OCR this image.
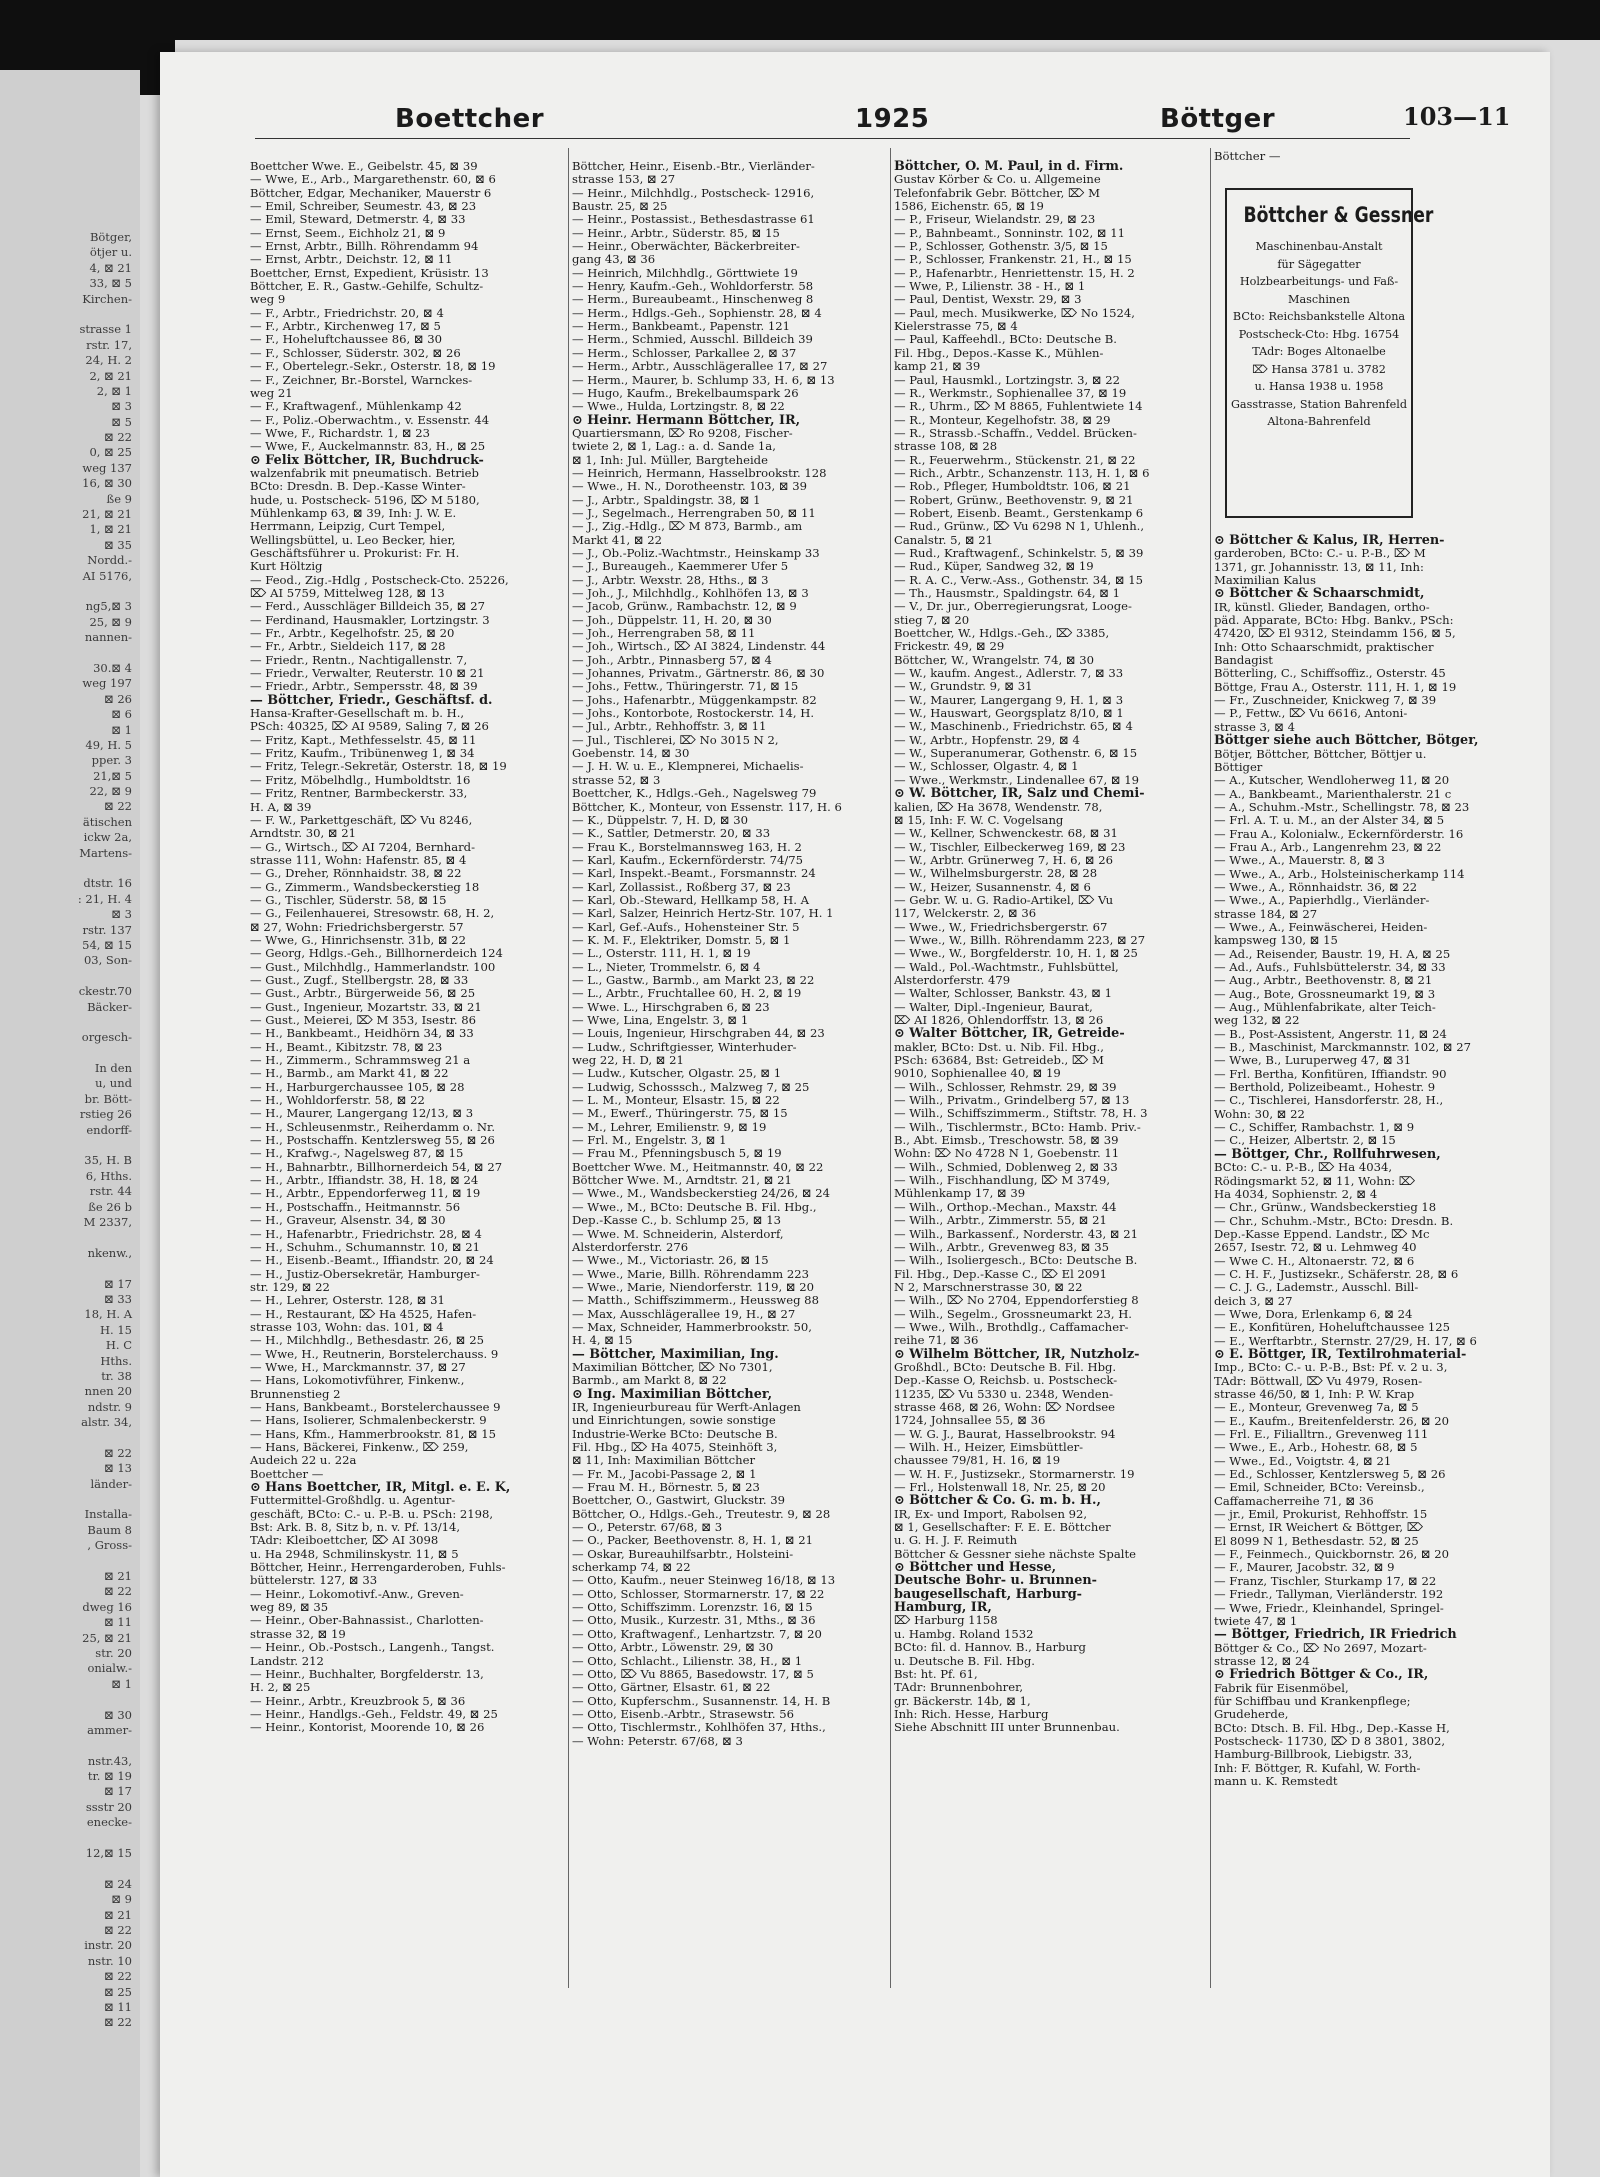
Bötger,
ötjer u.
4, ⊠ 21
33, ⊠ 5
Kirchen-
strasse 1
rstr. 17,
24, H. 2
2, ⊠ 21
2, ⊠ 1
⊠ 3
⊠ 5
⊠ 22
0, ⊠ 25
weg 137
16, ⊠ 30
ße 9
21, ⊠ 21
1, ⊠ 21
⊠ 35
Nordd.-
AI 5176,
ng5,⊠ 3
25, ⊠ 9
nannen-
30.⊠ 4
weg 197
⊠ 26
⊠ 6
⊠ 1
49, H. 5
pper. 3
21,⊠ 5
22, ⊠ 9
⊠ 22
ätischen
ickw 2a,
Martens-
dtstr. 16
: 21, H. 4
⊠ 3
rstr. 137
54, ⊠ 15
03, Son-
ckestr.70
Bäcker-
orgesch-
In den
u, und
br. Bött-
rstieg 26
endorff-
35, H. B
6, Hths.
rstr. 44
ße 26 b
M 2337,
nkenw.,
⊠ 17
⊠ 33
18, H. A
H. 15
H. C
Hths.
tr. 38
nnen 20
ndstr. 9
alstr. 34,
⊠ 22
⊠ 13
länder-
Installa-
Baum 8
, Gross-
⊠ 21
⊠ 22
dweg 16
⊠ 11
25, ⊠ 21
str. 20
onialw.-
⊠ 1
⊠ 30
ammer-
nstr.43,
tr. ⊠ 19
⊠ 17
ssstr 20
enecke-
12,⊠ 15
⊠ 24
⊠ 9
⊠ 21
⊠ 22
instr. 20
nstr. 10
⊠ 22
⊠ 25
⊠ 11
⊠ 22
Boettcher	1925	Böttger	103—11
Boettcher Wwe. E., Geibelstr. 45, ⊠ 39
— Wwe, E., Arb., Margarethenstr. 60, ⊠ 6
Böttcher, Edgar, Mechaniker, Mauerstr 6
— Emil, Schreiber, Seumestr. 43, ⊠ 23
— Emil, Steward, Detmerstr. 4, ⊠ 33
— Ernst, Seem., Eichholz 21, ⊠ 9
— Ernst, Arbtr., Billh. Röhrendamm 94
— Ernst, Arbtr., Deichstr. 12, ⊠ 11
Boettcher, Ernst, Expedient, Krüsistr. 13
Böttcher, E. R., Gastw.-Gehilfe, Schultz-
weg 9
— F., Arbtr., Friedrichstr. 20, ⊠ 4
— F., Arbtr., Kirchenweg 17, ⊠ 5
— F., Hoheluftchaussee 86, ⊠ 30
— F., Schlosser, Süderstr. 302, ⊠ 26
— F., Obertelegr.-Sekr., Osterstr. 18, ⊠ 19
— F., Zeichner, Br.-Borstel, Warnckes-
weg 21
— F., Kraftwagenf., Mühlenkamp 42
— F., Poliz.-Oberwachtm., v. Essenstr. 44
— Wwe, F., Richardstr. 1, ⊠ 23
— Wwe, F., Auckelmannstr. 83, H., ⊠ 25
⊙ Felix Böttcher, IR, Buchdruck-
walzenfabrik mit pneumatisch. Betrieb
BCto: Dresdn. B. Dep.-Kasse Winter-
hude, u. Postscheck- 5196, ⌦ M 5180,
Mühlenkamp 63, ⊠ 39, Inh: J. W. E.
Herrmann, Leipzig, Curt Tempel,
Wellingsbüttel, u. Leo Becker, hier,
Geschäftsführer u. Prokurist: Fr. H.
Kurt Höltzig
— Feod., Zig.-Hdlg , Postscheck-Cto. 25226,
⌦ AI 5759, Mittelweg 128, ⊠ 13
— Ferd., Ausschläger Billdeich 35, ⊠ 27
— Ferdinand, Hausmakler, Lortzingstr. 3
— Fr., Arbtr., Kegelhofstr. 25, ⊠ 20
— Fr., Arbtr., Sieldeich 117, ⊠ 28
— Friedr., Rentn., Nachtigallenstr. 7,
— Friedr., Verwalter, Reuterstr. 10 ⊠ 21
— Friedr., Arbtr., Sempersstr. 48, ⊠ 39
— Böttcher, Friedr., Geschäftsf. d.
Hansa-Krafter-Gesellschaft m. b. H.,
PSch: 40325, ⌦ AI 9589, Saling 7, ⊠ 26
— Fritz, Kapt., Methfesselstr. 45, ⊠ 11
— Fritz, Kaufm., Tribünenweg 1, ⊠ 34
— Fritz, Telegr.-Sekretär, Osterstr. 18, ⊠ 19
— Fritz, Möbelhdlg., Humboldtstr. 16
— Fritz, Rentner, Barmbeckerstr. 33,
H. A, ⊠ 39
— F. W., Parkettgeschäft, ⌦ Vu 8246,
Arndtstr. 30, ⊠ 21
— G., Wirtsch., ⌦ AI 7204, Bernhard-
strasse 111, Wohn: Hafenstr. 85, ⊠ 4
— G., Dreher, Rönnhaidstr. 38, ⊠ 22
— G., Zimmerm., Wandsbeckerstieg 18
— G., Tischler, Süderstr. 58, ⊠ 15
— G., Feilenhauerei, Stresowstr. 68, H. 2,
⊠ 27, Wohn: Friedrichsbergerstr. 57
— Wwe, G., Hinrichsenstr. 31b, ⊠ 22
— Georg, Hdlgs.-Geh., Billhornerdeich 124
— Gust., Milchhdlg., Hammerlandstr. 100
— Gust., Zugf., Stellbergstr. 28, ⊠ 33
— Gust., Arbtr., Bürgerweide 56, ⊠ 25
— Gust., Ingenieur, Mozartstr. 33, ⊠ 21
— Gust., Meierei, ⌦ M 353, Isestr. 86
— H., Bankbeamt., Heidhörn 34, ⊠ 33
— H., Beamt., Kibitzstr. 78, ⊠ 23
— H., Zimmerm., Schrammsweg 21 a
— H., Barmb., am Markt 41, ⊠ 22
— H., Harburgerchaussee 105, ⊠ 28
— H., Wohldorferstr. 58, ⊠ 22
— H., Maurer, Langergang 12/13, ⊠ 3
— H., Schleusenmstr., Reiherdamm o. Nr.
— H., Postschaffn. Kentzlersweg 55, ⊠ 26
— H., Krafwg.-, Nagelsweg 87, ⊠ 15
— H., Bahnarbtr., Billhornerdeich 54, ⊠ 27
— H., Arbtr., Iffiandstr. 38, H. 18, ⊠ 24
— H., Arbtr., Eppendorferweg 11, ⊠ 19
— H., Postschaffn., Heitmannstr. 56
— H., Graveur, Alsenstr. 34, ⊠ 30
— H., Hafenarbtr., Friedrichstr. 28, ⊠ 4
— H., Schuhm., Schumannstr. 10, ⊠ 21
— H., Eisenb.-Beamt., Iffiandstr. 20, ⊠ 24
— H., Justiz-Obersekretär, Hamburger-
str. 129, ⊠ 22
— H., Lehrer, Osterstr. 128, ⊠ 31
— H., Restaurant, ⌦ Ha 4525, Hafen-
strasse 103, Wohn: das. 101, ⊠ 4
— H., Milchhdlg., Bethesdastr. 26, ⊠ 25
— Wwe, H., Reutnerin, Borstelerchauss. 9
— Wwe, H., Marckmannstr. 37, ⊠ 27
— Hans, Lokomotivführer, Finkenw.,
Brunnenstieg 2
— Hans, Bankbeamt., Borstelerchaussee 9
— Hans, Isolierer, Schmalenbeckerstr. 9
— Hans, Kfm., Hammerbrookstr. 81, ⊠ 15
— Hans, Bäckerei, Finkenw., ⌦ 259,
Audeich 22 u. 22a
Boettcher —
⊙ Hans Boettcher, IR, Mitgl. e. E. K,
Futtermittel-Großhdlg. u. Agentur-
geschäft, BCto: C.- u. P.-B. u. PSch: 2198,
Bst: Ark. B. 8, Sitz b, n. v. Pf. 13/14,
TAdr: Kleiboettcher, ⌦ AI 3098
u. Ha 2948, Schmilinskystr. 11, ⊠ 5
Böttcher, Heinr., Herrengarderoben, Fuhls-
büttelerstr. 127, ⊠ 33
— Heinr., Lokomotivf.-Anw., Greven-
weg 89, ⊠ 35
— Heinr., Ober-Bahnassist., Charlotten-
strasse 32, ⊠ 19
— Heinr., Ob.-Postsch., Langenh., Tangst.
Landstr. 212
— Heinr., Buchhalter, Borgfelderstr. 13,
H. 2, ⊠ 25
— Heinr., Arbtr., Kreuzbrook 5, ⊠ 36
— Heinr., Handlgs.-Geh., Feldstr. 49, ⊠ 25
— Heinr., Kontorist, Moorende 10, ⊠ 26
Böttcher, Heinr., Eisenb.-Btr., Vierländer-
strasse 153, ⊠ 27
— Heinr., Milchhdlg., Postscheck- 12916,
Baustr. 25, ⊠ 25
— Heinr., Postassist., Bethesdastrasse 61
— Heinr., Arbtr., Süderstr. 85, ⊠ 15
— Heinr., Oberwächter, Bäckerbreiter-
gang 43, ⊠ 36
— Heinrich, Milchhdlg., Görttwiete 19
— Henry, Kaufm.-Geh., Wohldorferstr. 58
— Herm., Bureaubeamt., Hinschenweg 8
— Herm., Hdlgs.-Geh., Sophienstr. 28, ⊠ 4
— Herm., Bankbeamt., Papenstr. 121
— Herm., Schmied, Ausschl. Billdeich 39
— Herm., Schlosser, Parkallee 2, ⊠ 37
— Herm., Arbtr., Ausschlägerallee 17, ⊠ 27
— Herm., Maurer, b. Schlump 33, H. 6, ⊠ 13
— Hugo, Kaufm., Brekelbaumspark 26
— Wwe., Hulda, Lortzingstr. 8, ⊠ 22
⊙ Heinr. Hermann Böttcher, IR,
Quartiersmann, ⌦ Ro 9208, Fischer-
twiete 2, ⊠ 1, Lag.: a. d. Sande 1a,
⊠ 1, Inh: Jul. Müller, Bargteheide
— Heinrich, Hermann, Hasselbrookstr. 128
— Wwe., H. N., Dorotheenstr. 103, ⊠ 39
— J., Arbtr., Spaldingstr. 38, ⊠ 1
— J., Segelmach., Herrengraben 50, ⊠ 11
— J., Zig.-Hdlg., ⌦ M 873, Barmb., am
Markt 41, ⊠ 22
— J., Ob.-Poliz.-Wachtmstr., Heinskamp 33
— J., Bureaugeh., Kaemmerer Ufer 5
— J., Arbtr. Wexstr. 28, Hths., ⊠ 3
— Joh., J., Milchhdlg., Kohlhöfen 13, ⊠ 3
— Jacob, Grünw., Rambachstr. 12, ⊠ 9
— Joh., Düppelstr. 11, H. 20, ⊠ 30
— Joh., Herrengraben 58, ⊠ 11
— Joh., Wirtsch., ⌦ AI 3824, Lindenstr. 44
— Joh., Arbtr., Pinnasberg 57, ⊠ 4
— Johannes, Privatm., Gärtnerstr. 86, ⊠ 30
— Johs., Fettw., Thüringerstr. 71, ⊠ 15
— Johs., Hafenarbtr., Müggenkampstr. 82
— Johs., Kontorbote, Rostockerstr. 14, H.
— Jul., Arbtr., Rehhoffstr. 3, ⊠ 11
— Jul., Tischlerei, ⌦ No 3015 N 2,
Goebenstr. 14, ⊠ 30
— J. H. W. u. E., Klempnerei, Michaelis-
strasse 52, ⊠ 3
Boettcher, K., Hdlgs.-Geh., Nagelsweg 79
Böttcher, K., Monteur, von Essenstr. 117, H. 6
— K., Düppelstr. 7, H. D, ⊠ 30
— K., Sattler, Detmerstr. 20, ⊠ 33
— Frau K., Borstelmannsweg 163, H. 2
— Karl, Kaufm., Eckernförderstr. 74/75
— Karl, Inspekt.-Beamt., Forsmannstr. 24
— Karl, Zollassist., Roßberg 37, ⊠ 23
— Karl, Ob.-Steward, Hellkamp 58, H. A
— Karl, Salzer, Heinrich Hertz-Str. 107, H. 1
— Karl, Gef.-Aufs., Hohensteiner Str. 5
— K. M. F., Elektriker, Domstr. 5, ⊠ 1
— L., Osterstr. 111, H. 1, ⊠ 19
— L., Nieter, Trommelstr. 6, ⊠ 4
— L., Gastw., Barmb., am Markt 23, ⊠ 22
— L., Arbtr., Fruchtallee 60, H. 2, ⊠ 19
— Wwe. L., Hirschgraben 6, ⊠ 23
— Wwe, Lina, Engelstr. 3, ⊠ 1
— Louis, Ingenieur, Hirschgraben 44, ⊠ 23
— Ludw., Schriftgiesser, Winterhuder-
weg 22, H. D, ⊠ 21
— Ludw., Kutscher, Olgastr. 25, ⊠ 1
— Ludwig, Schosssch., Malzweg 7, ⊠ 25
— L. M., Monteur, Elsastr. 15, ⊠ 22
— M., Ewerf., Thüringerstr. 75, ⊠ 15
— M., Lehrer, Emilienstr. 9, ⊠ 19
— Frl. M., Engelstr. 3, ⊠ 1
— Frau M., Pfenningsbusch 5, ⊠ 19
Boettcher Wwe. M., Heitmannstr. 40, ⊠ 22
Böttcher Wwe. M., Arndtstr. 21, ⊠ 21
— Wwe., M., Wandsbeckerstieg 24/26, ⊠ 24
— Wwe., M., BCto: Deutsche B. Fil. Hbg.,
Dep.-Kasse C., b. Schlump 25, ⊠ 13
— Wwe. M. Schneiderin, Alsterdorf,
Alsterdorferstr. 276
— Wwe., M., Victoriastr. 26, ⊠ 15
— Wwe., Marie, Billh. Röhrendamm 223
— Wwe., Marie, Niendorferstr. 119, ⊠ 20
— Matth., Schiffszimmerm., Heussweg 88
— Max, Ausschlägerallee 19, H., ⊠ 27
— Max, Schneider, Hammerbrookstr. 50,
H. 4, ⊠ 15
— Böttcher, Maximilian, Ing.
Maximilian Böttcher, ⌦ No 7301,
Barmb., am Markt 8, ⊠ 22
⊙ Ing. Maximilian Böttcher,
IR, Ingenieurbureau für Werft-Anlagen
und Einrichtungen, sowie sonstige
Industrie-Werke BCto: Deutsche B.
Fil. Hbg., ⌦ Ha 4075, Steinhöft 3,
⊠ 11, Inh: Maximilian Böttcher
— Fr. M., Jacobi-Passage 2, ⊠ 1
— Frau M. H., Börnestr. 5, ⊠ 23
Boettcher, O., Gastwirt, Gluckstr. 39
Böttcher, O., Hdlgs.-Geh., Treutestr. 9, ⊠ 28
— O., Peterstr. 67/68, ⊠ 3
— O., Packer, Beethovenstr. 8, H. 1, ⊠ 21
— Oskar, Bureauhilfsarbtr., Holsteini-
scherkamp 74, ⊠ 22
— Otto, Kaufm., neuer Steinweg 16/18, ⊠ 13
— Otto, Schlosser, Stormarnerstr. 17, ⊠ 22
— Otto, Schiffszimm. Lorenzstr. 16, ⊠ 15
— Otto, Musik., Kurzestr. 31, Mths., ⊠ 36
— Otto, Kraftwagenf., Lenhartzstr. 7, ⊠ 20
— Otto, Arbtr., Löwenstr. 29, ⊠ 30
— Otto, Schlacht., Lilienstr. 38, H., ⊠ 1
— Otto, ⌦ Vu 8865, Basedowstr. 17, ⊠ 5
— Otto, Gärtner, Elsastr. 61, ⊠ 22
— Otto, Kupferschm., Susannenstr. 14, H. B
— Otto, Eisenb.-Arbtr., Strasewstr. 56
— Otto, Tischlermstr., Kohlhöfen 37, Hths.,
— Wohn: Peterstr. 67/68, ⊠ 3
Böttcher, O. M. Paul, in d. Firm.
Gustav Körber & Co. u. Allgemeine
Telefonfabrik Gebr. Böttcher, ⌦ M
1586, Eichenstr. 65, ⊠ 19
— P., Friseur, Wielandstr. 29, ⊠ 23
— P., Bahnbeamt., Sonninstr. 102, ⊠ 11
— P., Schlosser, Gothenstr. 3/5, ⊠ 15
— P., Schlosser, Frankenstr. 21, H., ⊠ 15
— P., Hafenarbtr., Henriettenstr. 15, H. 2
— Wwe, P., Lilienstr. 38 - H., ⊠ 1
— Paul, Dentist, Wexstr. 29, ⊠ 3
— Paul, mech. Musikwerke, ⌦ No 1524,
Kielerstrasse 75, ⊠ 4
— Paul, Kaffeehdl., BCto: Deutsche B.
Fil. Hbg., Depos.-Kasse K., Mühlen-
kamp 21, ⊠ 39
— Paul, Hausmkl., Lortzingstr. 3, ⊠ 22
— R., Werkmstr., Sophienallee 37, ⊠ 19
— R., Uhrm., ⌦ M 8865, Fuhlentwiete 14
— R., Monteur, Kegelhofstr. 38, ⊠ 29
— R., Strassb.-Schaffn., Veddel. Brücken-
strasse 108, ⊠ 28
— R., Feuerwehrm., Stückenstr. 21, ⊠ 22
— Rich., Arbtr., Schanzenstr. 113, H. 1, ⊠ 6
— Rob., Pfleger, Humboldtstr. 106, ⊠ 21
— Robert, Grünw., Beethovenstr. 9, ⊠ 21
— Robert, Eisenb. Beamt., Gerstenkamp 6
— Rud., Grünw., ⌦ Vu 6298 N 1, Uhlenh.,
Canalstr. 5, ⊠ 21
— Rud., Kraftwagenf., Schinkelstr. 5, ⊠ 39
— Rud., Küper, Sandweg 32, ⊠ 19
— R. A. C., Verw.-Ass., Gothenstr. 34, ⊠ 15
— Th., Hausmstr., Spaldingstr. 64, ⊠ 1
— V., Dr. jur., Oberregierungsrat, Looge-
stieg 7, ⊠ 20
Boettcher, W., Hdlgs.-Geh., ⌦ 3385,
Frickestr. 49, ⊠ 29
Böttcher, W., Wrangelstr. 74, ⊠ 30
— W., kaufm. Angest., Adlerstr. 7, ⊠ 33
— W., Grundstr. 9, ⊠ 31
— W., Maurer, Langergang 9, H. 1, ⊠ 3
— W., Hauswart, Georgsplatz 8/10, ⊠ 1
— W., Maschinenb., Friedrichstr. 65, ⊠ 4
— W., Arbtr., Hopfenstr. 29, ⊠ 4
— W., Superanumerar, Gothenstr. 6, ⊠ 15
— W., Schlosser, Olgastr. 4, ⊠ 1
— Wwe., Werkmstr., Lindenallee 67, ⊠ 19
⊙ W. Böttcher, IR, Salz und Chemi-
kalien, ⌦ Ha 3678, Wendenstr. 78,
⊠ 15, Inh: F. W. C. Vogelsang
— W., Kellner, Schwenckestr. 68, ⊠ 31
— W., Tischler, Eilbeckerweg 169, ⊠ 23
— W., Arbtr. Grünerweg 7, H. 6, ⊠ 26
— W., Wilhelmsburgerstr. 28, ⊠ 28
— W., Heizer, Susannenstr. 4, ⊠ 6
— Gebr. W. u. G. Radio-Artikel, ⌦ Vu
117, Welckerstr. 2, ⊠ 36
— Wwe., W., Friedrichsbergerstr. 67
— Wwe., W., Billh. Röhrendamm 223, ⊠ 27
— Wwe., W., Borgfelderstr. 10, H. 1, ⊠ 25
— Wald., Pol.-Wachtmstr., Fuhlsbüttel,
Alsterdorferstr. 479
— Walter, Schlosser, Bankstr. 43, ⊠ 1
— Walter, Dipl.-Ingenieur, Baurat,
⌦ AI 1826, Ohlendorffstr. 13, ⊠ 26
⊙ Walter Böttcher, IR, Getreide-
makler, BCto: Dst. u. Nib. Fil. Hbg.,
PSch: 63684, Bst: Getreideb., ⌦ M
9010, Sophienallee 40, ⊠ 19
— Wilh., Schlosser, Rehmstr. 29, ⊠ 39
— Wilh., Privatm., Grindelberg 57, ⊠ 13
— Wilh., Schiffszimmerm., Stiftstr. 78, H. 3
— Wilh., Tischlermstr., BCto: Hamb. Priv.-
B., Abt. Eimsb., Treschowstr. 58, ⊠ 39
Wohn: ⌦ No 4728 N 1, Goebenstr. 11
— Wilh., Schmied, Doblenweg 2, ⊠ 33
— Wilh., Fischhandlung, ⌦ M 3749,
Mühlenkamp 17, ⊠ 39
— Wilh., Orthop.-Mechan., Maxstr. 44
— Wilh., Arbtr., Zimmerstr. 55, ⊠ 21
— Wilh., Barkassenf., Norderstr. 43, ⊠ 21
— Wilh., Arbtr., Grevenweg 83, ⊠ 35
— Wilh., Isoliergesch., BCto: Deutsche B.
Fil. Hbg., Dep.-Kasse C., ⌦ El 2091
N 2, Marschnerstrasse 30, ⊠ 22
— Wilh., ⌦ No 2704, Eppendorferstieg 8
— Wilh., Segelm., Grossneumarkt 23, H.
— Wwe., Wilh., Brothdlg., Caffamacher-
reihe 71, ⊠ 36
⊙ Wilhelm Böttcher, IR, Nutzholz-
Großhdl., BCto: Deutsche B. Fil. Hbg.
Dep.-Kasse O, Reichsb. u. Postscheck-
11235, ⌦ Vu 5330 u. 2348, Wenden-
strasse 468, ⊠ 26, Wohn: ⌦ Nordsee
1724, Johnsallee 55, ⊠ 36
— W. G. J., Baurat, Hasselbrookstr. 94
— Wilh. H., Heizer, Eimsbüttler-
chaussee 79/81, H. 16, ⊠ 19
— W. H. F., Justizsekr., Stormarnerstr. 19
— Frl., Holstenwall 18, Nr. 25, ⊠ 20
⊙ Böttcher & Co. G. m. b. H.,
IR, Ex- und Import, Rabolsen 92,
⊠ 1, Gesellschafter: F. E. E. Böttcher
u. G. H. J. F. Reimuth
Böttcher & Gessner siehe nächste Spalte
⊙ Böttcher und Hesse,
Deutsche Bohr- u. Brunnen-
baugesellschaft, Harburg-
Hamburg, IR,
⌦ Harburg 1158
u. Hambg. Roland 1532
BCto: fil. d. Hannov. B., Harburg
u. Deutsche B. Fil. Hbg.
Bst: ht. Pf. 61,
TAdr: Brunnenbohrer,
gr. Bäckerstr. 14b, ⊠ 1,
Inh: Rich. Hesse, Harburg
Siehe Abschnitt III unter Brunnenbau.
Böttcher —
Böttcher & Gessner
Maschinenbau-Anstalt
für Sägegatter
Holzbearbeitungs- und Faß-
Maschinen
BCto: Reichsbankstelle Altona
Postscheck-Cto: Hbg. 16754
TAdr: Boges Altonaelbe
⌦ Hansa 3781 u. 3782
u. Hansa 1938 u. 1958
Gasstrasse, Station Bahrenfeld
Altona-Bahrenfeld
⊙ Böttcher & Kalus, IR, Herren-
garderoben, BCto: C.- u. P.-B., ⌦ M
1371, gr. Johannisstr. 13, ⊠ 11, Inh:
Maximilian Kalus
⊙ Böttcher & Schaarschmidt,
IR, künstl. Glieder, Bandagen, ortho-
päd. Apparate, BCto: Hbg. Bankv., PSch:
47420, ⌦ El 9312, Steindamm 156, ⊠ 5,
Inh: Otto Schaarschmidt, praktischer
Bandagist
Bötterling, C., Schiffsoffiz., Osterstr. 45
Böttge, Frau A., Osterstr. 111, H. 1, ⊠ 19
— Fr., Zuschneider, Knickweg 7, ⊠ 39
— P., Fettw., ⌦ Vu 6616, Antoni-
strasse 3, ⊠ 4
Böttger siehe auch Böttcher, Bötger,
Bötjer, Böttcher, Böttcher, Böttjer u.
Böttiger
— A., Kutscher, Wendloherweg 11, ⊠ 20
— A., Bankbeamt., Marienthalerstr. 21 c
— A., Schuhm.-Mstr., Schellingstr. 78, ⊠ 23
— Frl. A. T. u. M., an der Alster 34, ⊠ 5
— Frau A., Kolonialw., Eckernförderstr. 16
— Frau A., Arb., Langenrehm 23, ⊠ 22
— Wwe., A., Mauerstr. 8, ⊠ 3
— Wwe., A., Arb., Holsteinischerkamp 114
— Wwe., A., Rönnhaidstr. 36, ⊠ 22
— Wwe., A., Papierhdlg., Vierländer-
strasse 184, ⊠ 27
— Wwe., A., Feinwäscherei, Heiden-
kampsweg 130, ⊠ 15
— Ad., Reisender, Baustr. 19, H. A, ⊠ 25
— Ad., Aufs., Fuhlsbüttelerstr. 34, ⊠ 33
— Aug., Arbtr., Beethovenstr. 8, ⊠ 21
— Aug., Bote, Grossneumarkt 19, ⊠ 3
— Aug., Mühlenfabrikate, alter Teich-
weg 132, ⊠ 22
— B., Post-Assistent, Angerstr. 11, ⊠ 24
— B., Maschinist, Marckmannstr. 102, ⊠ 27
— Wwe, B., Luruperweg 47, ⊠ 31
— Frl. Bertha, Konfitüren, Iffiandstr. 90
— Berthold, Polizeibeamt., Hohestr. 9
— C., Tischlerei, Hansdorferstr. 28, H.,
Wohn: 30, ⊠ 22
— C., Schiffer, Rambachstr. 1, ⊠ 9
— C., Heizer, Albertstr. 2, ⊠ 15
— Böttger, Chr., Rollfuhrwesen,
BCto: C.- u. P.-B., ⌦ Ha 4034,
Rödingsmarkt 52, ⊠ 11, Wohn: ⌦
Ha 4034, Sophienstr. 2, ⊠ 4
— Chr., Grünw., Wandsbeckerstieg 18
— Chr., Schuhm.-Mstr., BCto: Dresdn. B.
Dep.-Kasse Eppend. Landstr., ⌦ Mc
2657, Isestr. 72, ⊠ u. Lehmweg 40
— Wwe C. H., Altonaerstr. 72, ⊠ 6
— C. H. F., Justizsekr., Schäferstr. 28, ⊠ 6
— C. J. G., Lademstr., Ausschl. Bill-
deich 3, ⊠ 27
— Wwe, Dora, Erlenkamp 6, ⊠ 24
— E., Konfitüren, Hoheluftchaussee 125
— E., Werftarbtr., Sternstr. 27/29, H. 17, ⊠ 6
⊙ E. Böttger, IR, Textilrohmaterial-
Imp., BCto: C.- u. P.-B., Bst: Pf. v. 2 u. 3,
TAdr: Böttwall, ⌦ Vu 4979, Rosen-
strasse 46/50, ⊠ 1, Inh: P. W. Krap
— E., Monteur, Grevenweg 7a, ⊠ 5
— E., Kaufm., Breitenfelderstr. 26, ⊠ 20
— Frl. E., Filialltrn., Grevenweg 111
— Wwe., E., Arb., Hohestr. 68, ⊠ 5
— Wwe., Ed., Voigtstr. 4, ⊠ 21
— Ed., Schlosser, Kentzlersweg 5, ⊠ 26
— Emil, Schneider, BCto: Vereinsb.,
Caffamacherreihe 71, ⊠ 36
— jr., Emil, Prokurist, Rehhoffstr. 15
— Ernst, IR Weichert & Böttger, ⌦
El 8099 N 1, Bethesdastr. 52, ⊠ 25
— F., Feinmech., Quickbornstr. 26, ⊠ 20
— F., Maurer, Jacobstr. 32, ⊠ 9
— Franz, Tischler, Sturkamp 17, ⊠ 22
— Friedr., Tallyman, Vierländerstr. 192
— Wwe, Friedr., Kleinhandel, Springel-
twiete 47, ⊠ 1
— Böttger, Friedrich, IR Friedrich
Böttger & Co., ⌦ No 2697, Mozart-
strasse 12, ⊠ 24
⊙ Friedrich Böttger & Co., IR,
Fabrik für Eisenmöbel,
für Schiffbau und Krankenpflege;
Grudeherde,
BCto: Dtsch. B. Fil. Hbg., Dep.-Kasse H,
Postscheck- 11730, ⌦ D 8 3801, 3802,
Hamburg-Billbrook, Liebigstr. 33,
Inh: F. Böttger, R. Kufahl, W. Forth-
mann u. K. Remstedt
